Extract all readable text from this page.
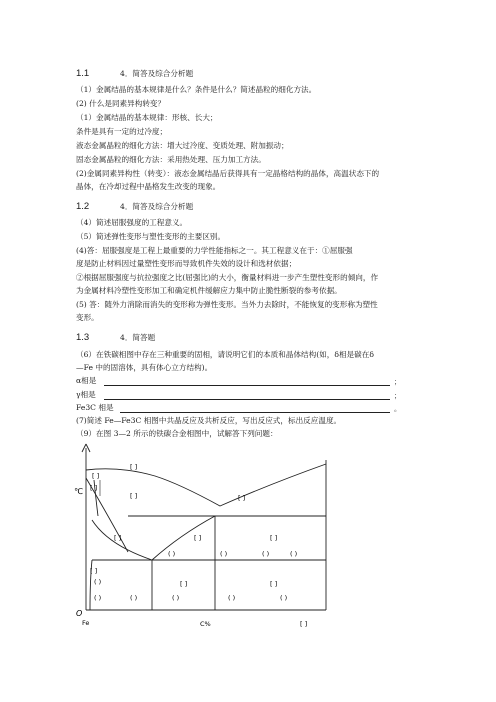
1.1	4．简答及综合分析题
（1）金属结晶的基本规律是什么？条件是什么？简述晶粒的细化方法。
(2) 什么是同素异构转变？
（1）金属结晶的基本规律：形核、长大；
条件是具有一定的过冷度；
液态金属晶粒的细化方法：增大过冷度、变质处理、附加振动；
固态金属晶粒的细化方法：采用热处理、压力加工方法。
(2)金属同素异构性（转变）：液态金属结晶后获得具有一定晶格结构的晶体，高温状态下的
晶体，在冷却过程中晶格发生改变的现象。
1.2	4．简答及综合分析题
（4）简述屈服强度的工程意义。
（5）简述弹性变形与塑性变形的主要区别。
(4)答：屈服强度是工程上最重要的力学性能指标之一。其工程意义在于：①屈服强
度是防止材料因过量塑性变形而导致机件失效的设计和选材依据；
②根据屈服强度与抗拉强度之比(屈强比)的大小，衡量材料进一步产生塑性变形的倾向，作
为金属材料冷塑性变形加工和确定机件缓解应力集中防止脆性断裂的参考依据。
(5) 答：随外力消除而消失的变形称为弹性变形。当外力去除时，不能恢复的变形称为塑性
变形。
1.3	4．简答题
（6）在铁碳相图中存在三种重要的固相，请说明它们的本质和晶体结构(如，δ相是碳在δ
—Fe 中的固溶体，具有体心立方结构)。
α相是	；
γ相是	；
Fe3C 相是	。
(7)简述 Fe—Fe3C 相图中共晶反应及共析反应，写出反应式，标出反应温度。
（9）在图 3—2 所示的铁碳合金相图中，试解答下列问题：
℃
O
Fe	C%	[ ]
[ ]
[ ]
[ ]
[ ]	[ ]
[ ]	[ ]
[ ]
[ ]
[ ]	[ ]
( )	( )	( )	( )
( )
( )	( )	( )	( )	( )
